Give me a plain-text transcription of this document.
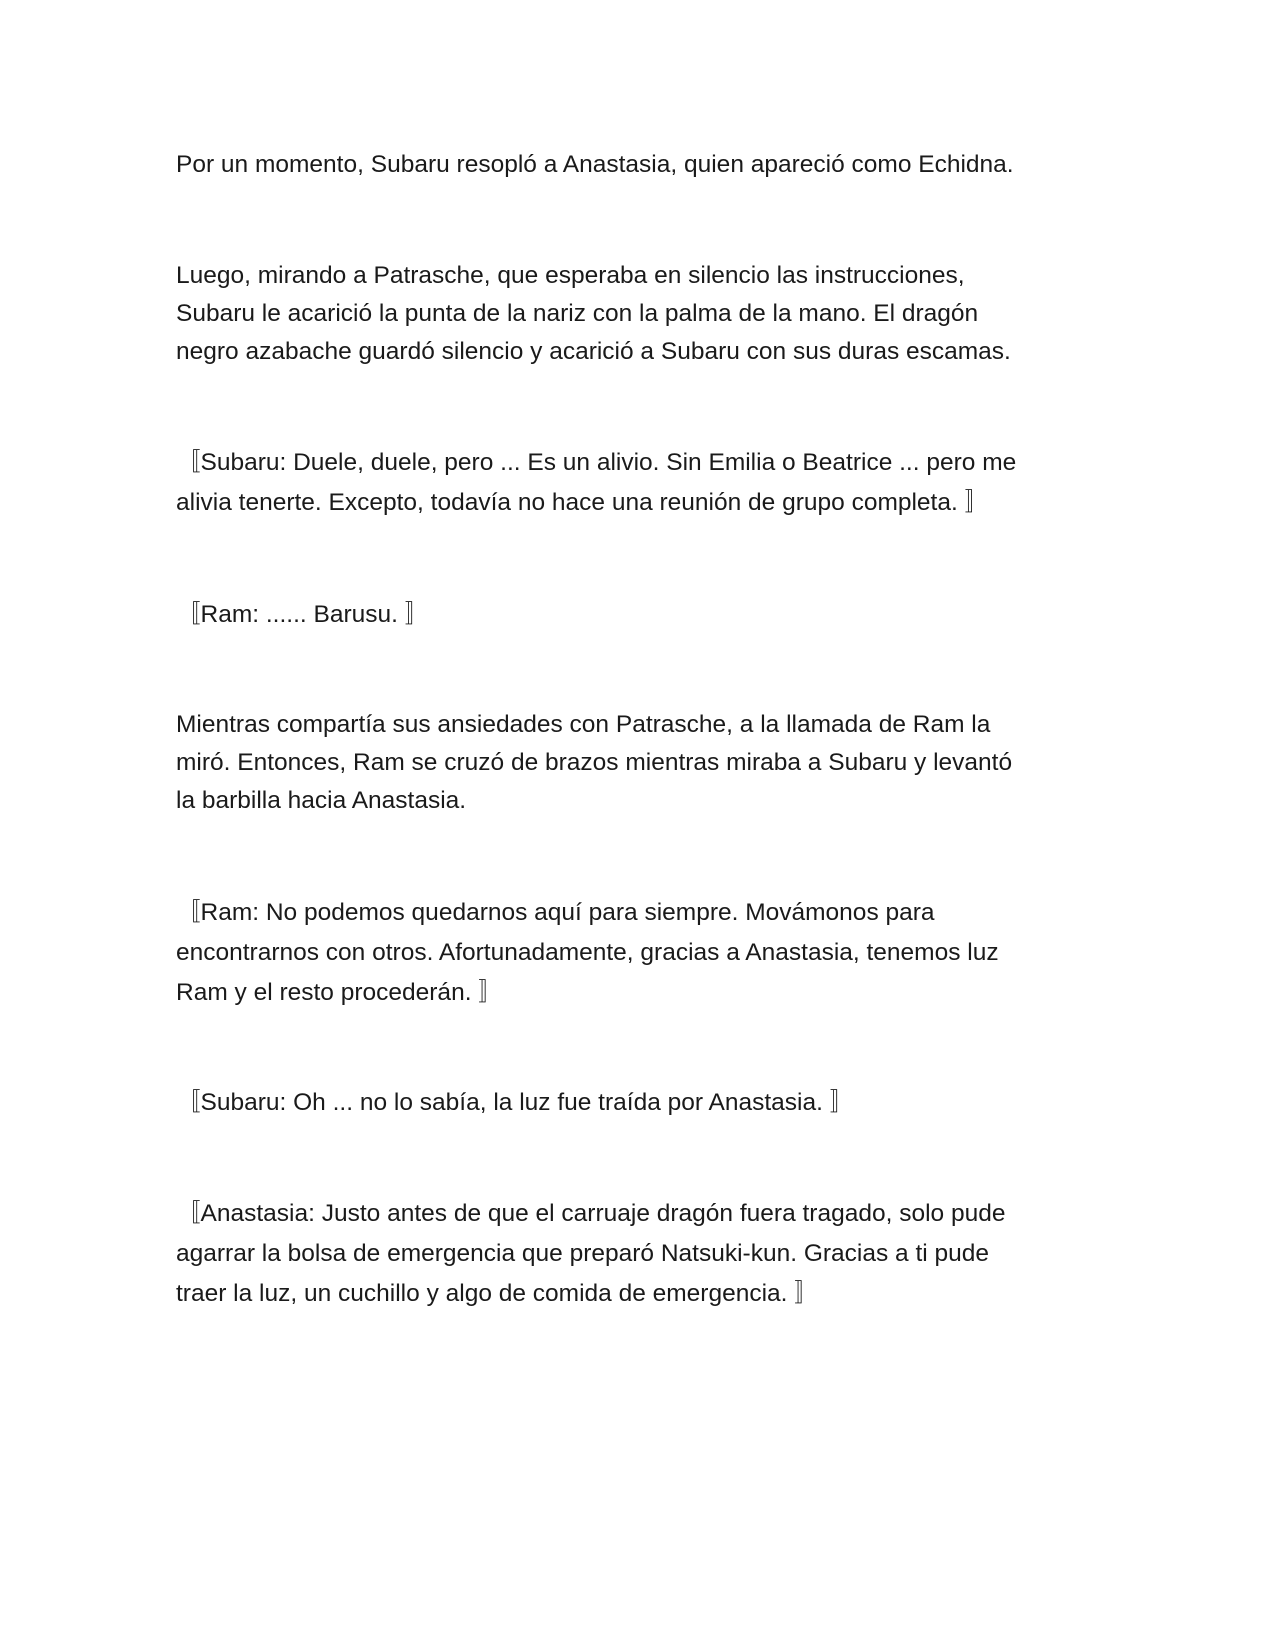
Por un momento, Subaru resopló a Anastasia, quien apareció como Echidna.

Luego, mirando a Patrasche, que esperaba en silencio las instrucciones,
Subaru le acarició la punta de la nariz con la palma de la mano. El dragón
negro azabache guardó silencio y acarició a Subaru con sus duras escamas.

〚Subaru: Duele, duele, pero ... Es un alivio. Sin Emilia o Beatrice ... pero me
alivia tenerte. Excepto, todavía no hace una reunión de grupo completa. 〛

〚Ram: ...... Barusu. 〛

Mientras compartía sus ansiedades con Patrasche, a la llamada de Ram la
miró. Entonces, Ram se cruzó de brazos mientras miraba a Subaru y levantó
la barbilla hacia Anastasia.

〚Ram: No podemos quedarnos aquí para siempre. Movámonos para
encontrarnos con otros. Afortunadamente, gracias a Anastasia, tenemos luz
Ram y el resto procederán. 〛

〚Subaru: Oh ... no lo sabía, la luz fue traída por Anastasia. 〛

〚Anastasia: Justo antes de que el carruaje dragón fuera tragado, solo pude
agarrar la bolsa de emergencia que preparó Natsuki-kun. Gracias a ti pude
traer la luz, un cuchillo y algo de comida de emergencia. 〛
